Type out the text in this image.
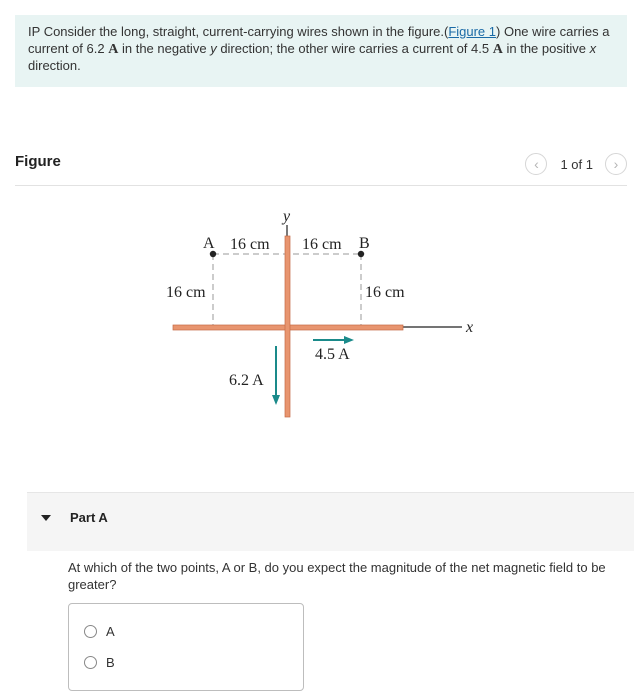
IP Consider the long, straight, current-carrying wires shown in the figure.(Figure 1) One wire carries a current of 6.2 A in the negative y direction; the other wire carries a current of 4.5 A in the positive x direction.
Figure	‹	1 of 1	›
y
x
A	B
16 cm 16 cm
16 cm	16 cm
4.5 A
6.2 A
Part A
At which of the two points, A or B, do you expect the magnitude of the net magnetic field to be greater?
A
B
